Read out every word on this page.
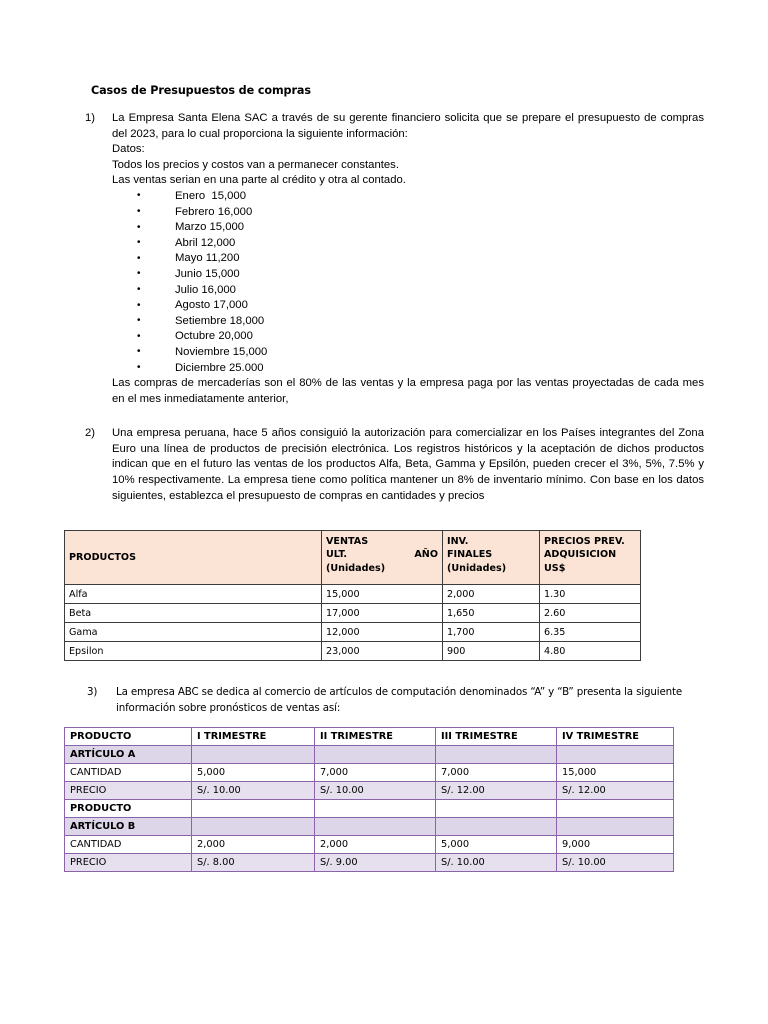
Casos de Presupuestos de compras
1) La Empresa Santa Elena SAC a través de su gerente financiero solicita que se prepare el presupuesto de compras del 2023, para lo cual proporciona la siguiente información:

Datos:

Todos los precios y costos van a permanecer constantes.

Las ventas serian en una parte al crédito y otra al contado.

• Enero  15,000
• Febrero 16,000
• Marzo 15,000
• Abril 12,000
• Mayo 11,200
• Junio 15,000
• Julio 16,000
• Agosto 17,000
• Setiembre 18,000
• Octubre 20,000
• Noviembre 15,000
• Diciembre 25.000

Las compras de mercaderías son el 80% de las ventas y la empresa paga por las ventas proyectadas de cada mes en el mes inmediatamente anterior,

2) Una empresa peruana, hace 5 años consiguió la autorización para comercializar en los Países integrantes del Zona Euro una línea de productos de precisión electrónica. Los registros históricos y la aceptación de dichos productos indican que en el futuro las ventas de los productos Alfa, Beta, Gamma y Epsilón, pueden crecer el 3%, 5%, 7.5% y 10% respectivamente. La empresa tiene como política mantener un 8% de inventario mínimo. Con base en los datos siguientes, establezca el presupuesto de compras en cantidades y precios

PRODUCTOS	
VENTAS
ULT.	AÑO
(Unidades)

INV.
FINALES
(Unidades)

PRECIOS PREV.
ADQUISICION
US$

Alfa	15,000	2,000	1.30
Beta	17,000	1,650	2.60
Gama	12,000	1,700	6.35
Epsilon	23,000	900	4.80
3) La empresa ABC se dedica al comercio de artículos de computación denominados “A” y “B” presenta la siguiente información sobre pronósticos de ventas así:

PRODUCTO	I TRIMESTRE	II TRIMESTRE	III TRIMESTRE	IV TRIMESTRE
ARTÍCULO A				
CANTIDAD	5,000	7,000	7,000	15,000
PRECIO	S/. 10.00	S/. 10.00	S/. 12.00	S/. 12.00
PRODUCTO				
ARTÍCULO B				
CANTIDAD	2,000	2,000	5,000	9,000
PRECIO	S/. 8.00	S/. 9.00	S/. 10.00	S/. 10.00
